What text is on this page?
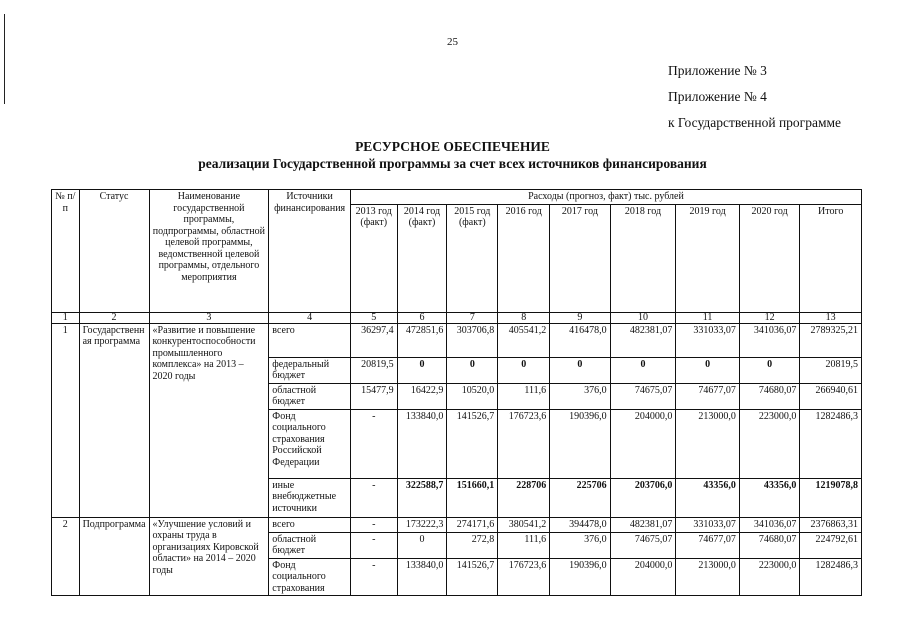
25
Приложение № 3
Приложение № 4
к Государственной программе
РЕСУРСНОЕ ОБЕСПЕЧЕНИЕ
реализации Государственной программы за счет всех источников финансирования
№ п/п	Статус	Наименование государственной программы, подпрограммы, областной целевой программы, ведомственной целевой программы, отдельного мероприятия	Источники финансирования	Расходы (прогноз, факт) тыс. рублей								
				2013 год (факт)	2014 год (факт)	2015 год (факт)	2016 год	2017 год	2018 год	2019 год	2020 год	Итого
1	2	3	4	5	6	7	8	9	10	11	12	13
1	Государственная программа	«Развитие и повышение конкурентоспособности промышленного комплекса» на 2013 – 2020 годы	всего	36297,4	472851,6	303706,8	405541,2	416478,0	482381,07	331033,07	341036,07	2789325,21
			федеральный бюджет	20819,5	0	0	0	0	0	0	0	20819,5
			областной бюджет	15477,9	16422,9	10520,0	111,6	376,0	74675,07	74677,07	74680,07	266940,61
			Фонд социального страхования Российской Федерации	-	133840,0	141526,7	176723,6	190396,0	204000,0	213000,0	223000,0	1282486,3
			иные внебюджетные источники	-	322588,7	151660,1	228706	225706	203706,0	43356,0	43356,0	1219078,8
2	Подпрограмма	«Улучшение условий и охраны труда в организациях Кировской области» на 2014 – 2020 годы	всего	-	173222,3	274171,6	380541,2	394478,0	482381,07	331033,07	341036,07	2376863,31
			областной бюджет	-	0	272,8	111,6	376,0	74675,07	74677,07	74680,07	224792,61
			Фонд социального страхования	-	133840,0	141526,7	176723,6	190396,0	204000,0	213000,0	223000,0	1282486,3
